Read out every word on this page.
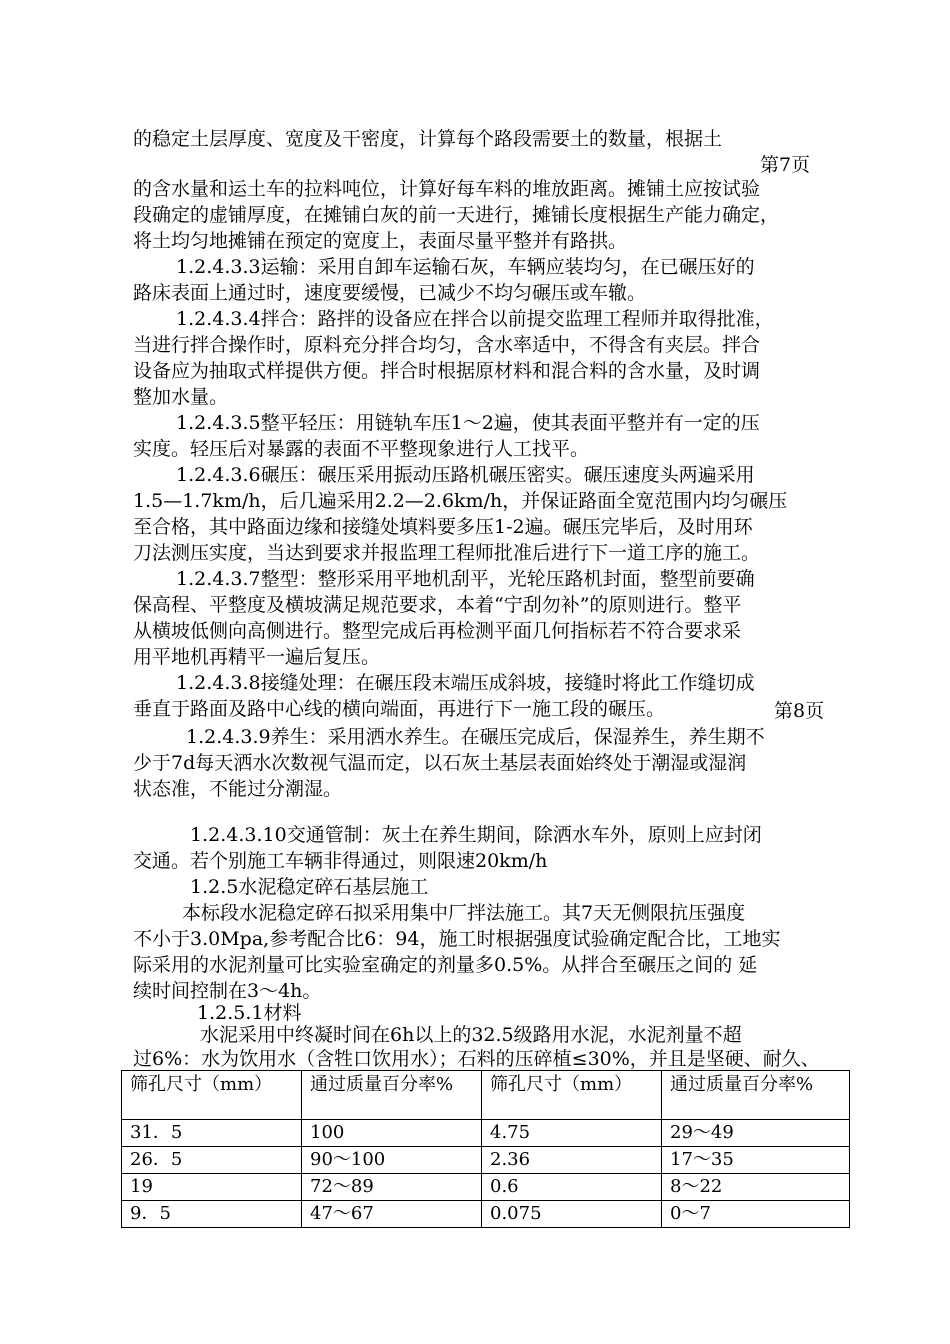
的稳定土层厚度、宽度及干密度，计算每个路段需要土的数量，根据土
第7页
的含水量和运土车的拉料吨位，计算好每车料的堆放距离。摊铺土应按试验
段确定的虚铺厚度，在摊铺白灰的前一天进行，摊铺长度根据生产能力确定，
将土均匀地摊铺在预定的宽度上，表面尽量平整并有路拱。
1.2.4.3.3运输：采用自卸车运输石灰，车辆应装均匀，在已碾压好的
路床表面上通过时，速度要缓慢，已减少不均匀碾压或车辙。
1.2.4.3.4拌合：路拌的设备应在拌合以前提交监理工程师并取得批准，
当进行拌合操作时，原料充分拌合均匀，含水率适中，不得含有夹层。拌合
设备应为抽取式样提供方便。拌合时根据原材料和混合料的含水量，及时调
整加水量。
1.2.4.3.5整平轻压：用链轨车压1～2遍，使其表面平整并有一定的压
实度。轻压后对暴露的表面不平整现象进行人工找平。
1.2.4.3.6碾压：碾压采用振动压路机碾压密实。碾压速度头两遍采用
1.5—1.7km/h，后几遍采用2.2—2.6km/h，并保证路面全宽范围内均匀碾压
至合格，其中路面边缘和接缝处填料要多压1-2遍。碾压完毕后，及时用环
刀法测压实度，当达到要求并报监理工程师批准后进行下一道工序的施工。
1.2.4.3.7整型：整形采用平地机刮平，光轮压路机封面，整型前要确
保高程、平整度及横坡满足规范要求，本着“宁刮勿补”的原则进行。整平
从横坡低侧向高侧进行。整型完成后再检测平面几何指标若不符合要求采
用平地机再精平一遍后复压。
1.2.4.3.8接缝处理：在碾压段末端压成斜坡，接缝时将此工作缝切成
垂直于路面及路中心线的横向端面，再进行下一施工段的碾压。	第8页
1.2.4.3.9养生：采用洒水养生。在碾压完成后，保湿养生，养生期不
少于7d每天洒水次数视气温而定，以石灰土基层表面始终处于潮湿或湿润
状态准，不能过分潮湿。
1.2.4.3.10交通管制：灰土在养生期间，除洒水车外，原则上应封闭
交通。若个别施工车辆非得通过，则限速20km/h
1.2.5水泥稳定碎石基层施工
本标段水泥稳定碎石拟采用集中厂拌法施工。其7天无侧限抗压强度
不小于3.0Mpa,参考配合比6：94，施工时根据强度试验确定配合比，工地实
际采用的水泥剂量可比实验室确定的剂量多0.5%。从拌合至碾压之间的 延
续时间控制在3～4h。
1.2.5.1材料
水泥采用中终凝时间在6h以上的32.5级路用水泥，水泥剂量不超
过6%：水为饮用水（含牲口饮用水）；石料的压碎植≤30%，并且是坚硬、耐久、
筛孔尺寸（mm）	通过质量百分率%	筛孔尺寸（mm）	通过质量百分率%
31．5	100	4.75	29～49
26．5	90～100	2.36	17～35
19	72～89	0.6	8～22
9．5	47～67	0.075	0～7
